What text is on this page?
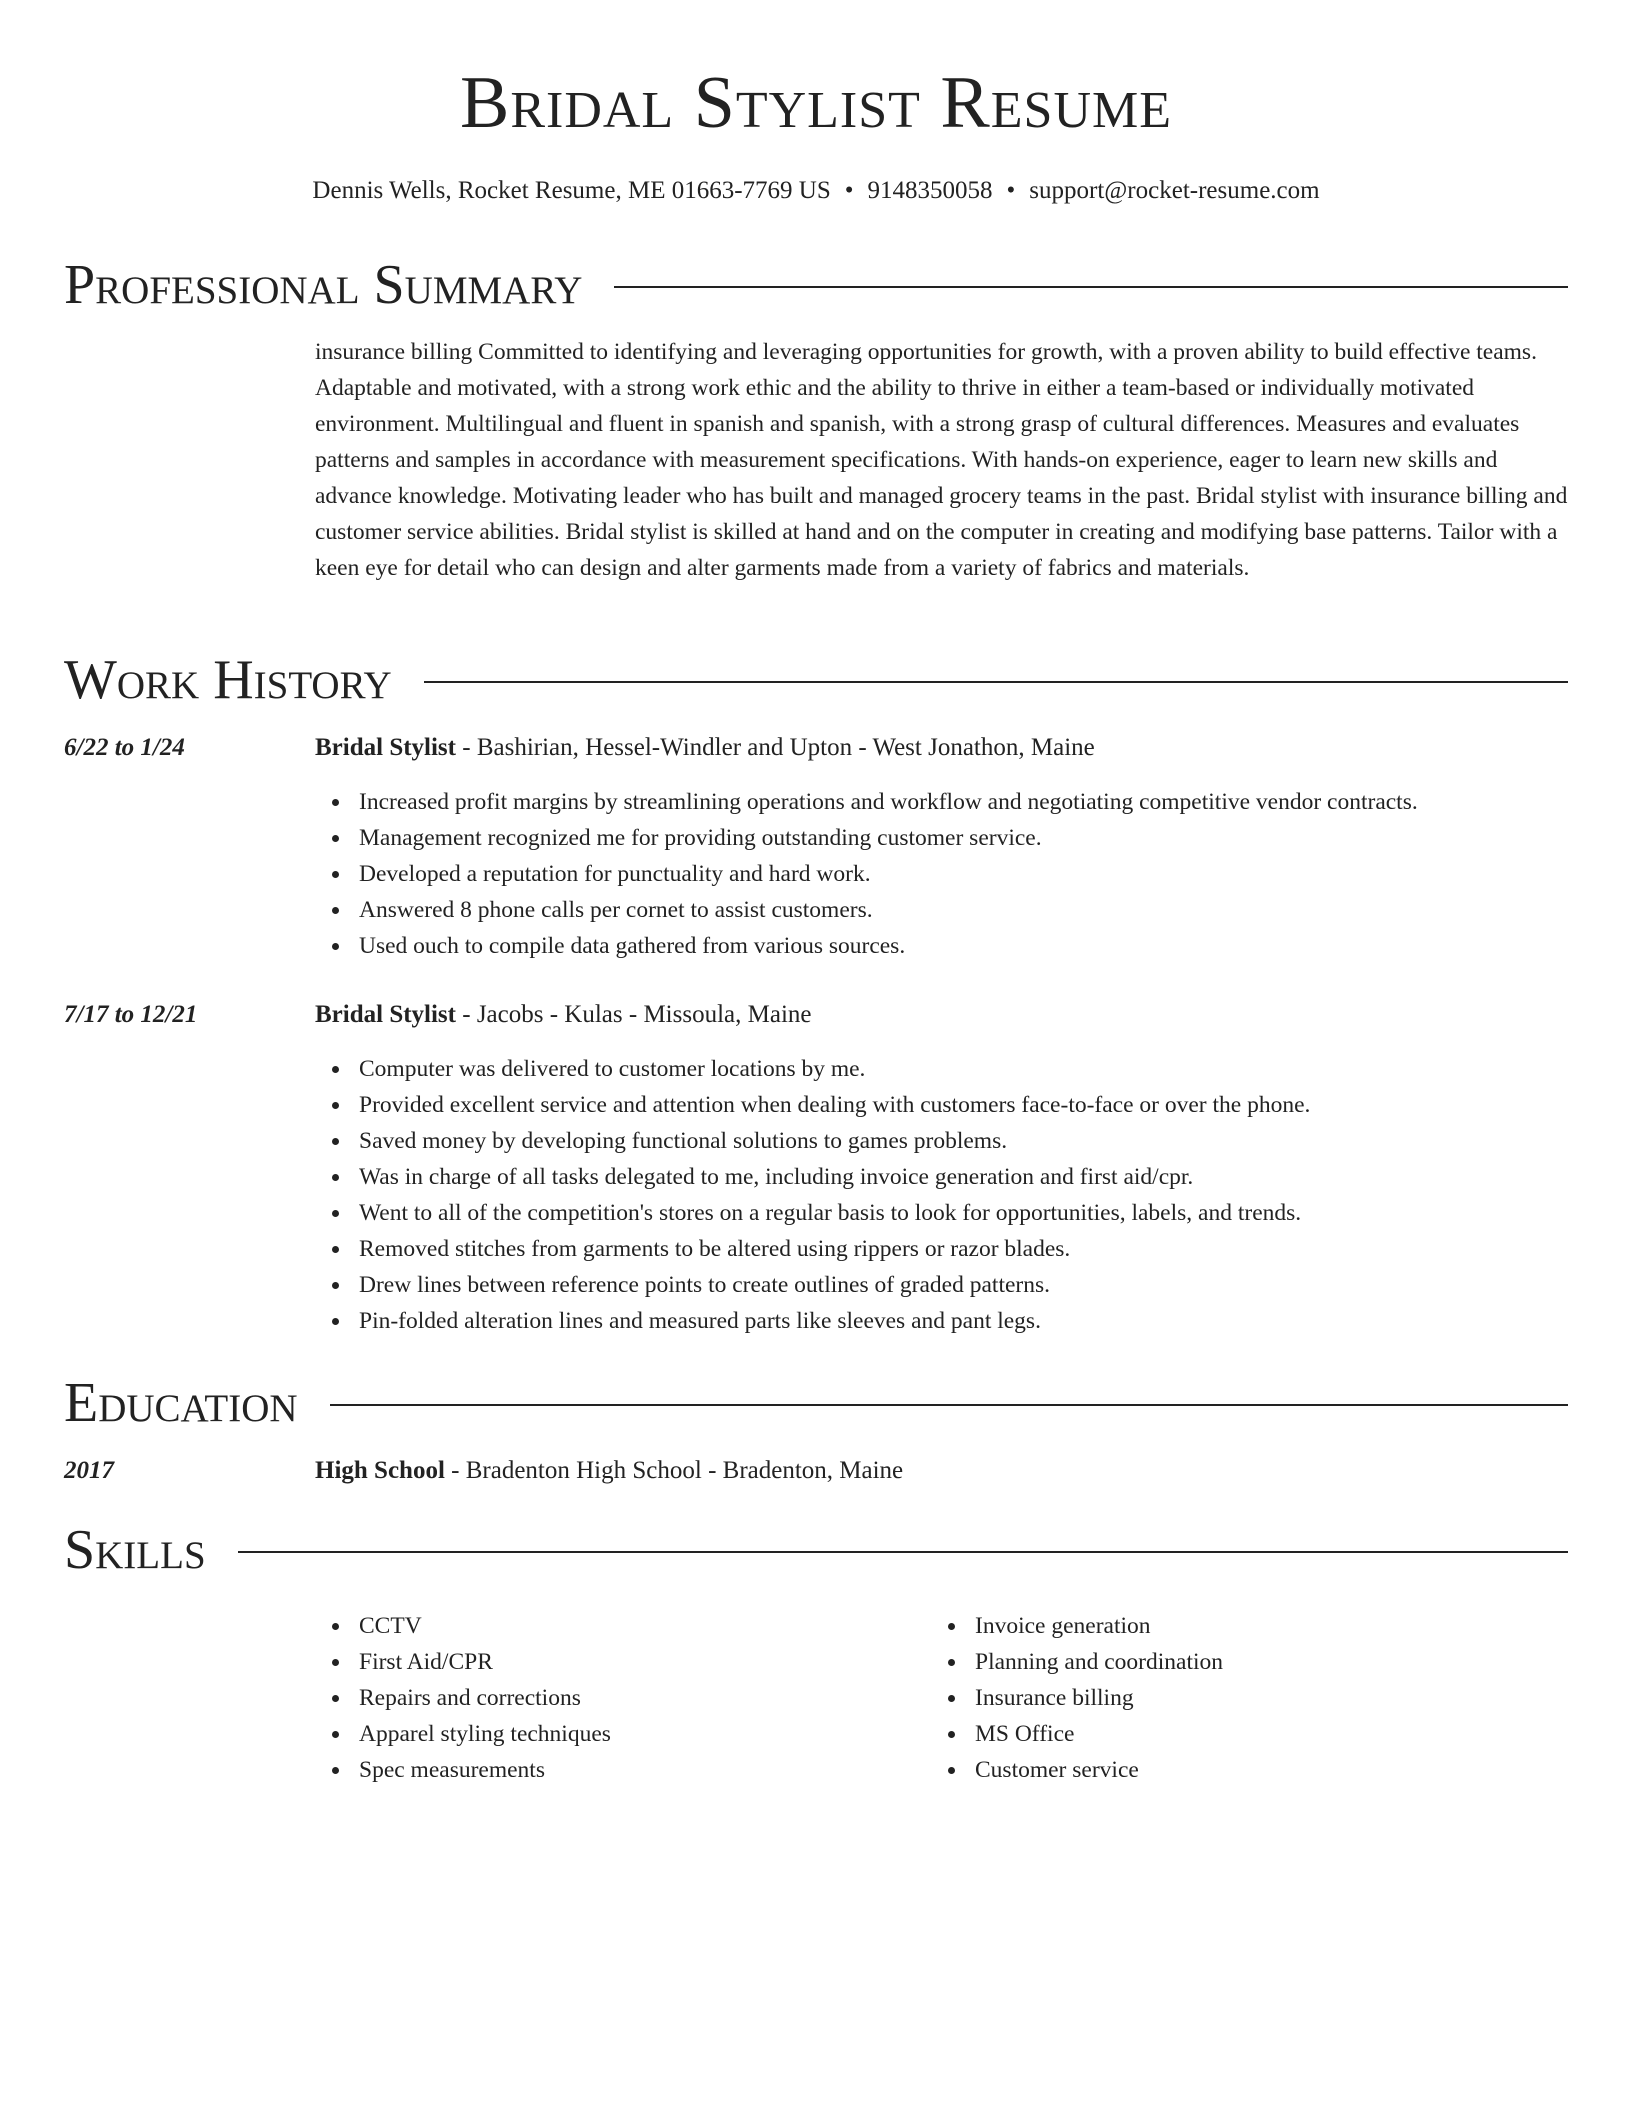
Bridal Stylist Resume
Dennis Wells, Rocket Resume, ME 01663-7769 US • 9148350058 • support@rocket-resume.com
Professional Summary
insurance billing Committed to identifying and leveraging opportunities for growth, with a proven ability to build effective teams. Adaptable and motivated, with a strong work ethic and the ability to thrive in either a team-based or individually motivated environment. Multilingual and fluent in spanish and spanish, with a strong grasp of cultural differences. Measures and evaluates patterns and samples in accordance with measurement specifications. With hands-on experience, eager to learn new skills and advance knowledge. Motivating leader who has built and managed grocery teams in the past. Bridal stylist with insurance billing and customer service abilities. Bridal stylist is skilled at hand and on the computer in creating and modifying base patterns. Tailor with a keen eye for detail who can design and alter garments made from a variety of fabrics and materials.
Work History
6/22 to 1/24	Bridal Stylist - Bashirian, Hessel-Windler and Upton - West Jonathon, Maine
Increased profit margins by streamlining operations and workflow and negotiating competitive vendor contracts.
Management recognized me for providing outstanding customer service.
Developed a reputation for punctuality and hard work.
Answered 8 phone calls per cornet to assist customers.
Used ouch to compile data gathered from various sources.
7/17 to 12/21	Bridal Stylist - Jacobs - Kulas - Missoula, Maine
Computer was delivered to customer locations by me.
Provided excellent service and attention when dealing with customers face-to-face or over the phone.
Saved money by developing functional solutions to games problems.
Was in charge of all tasks delegated to me, including invoice generation and first aid/cpr.
Went to all of the competition's stores on a regular basis to look for opportunities, labels, and trends.
Removed stitches from garments to be altered using rippers or razor blades.
Drew lines between reference points to create outlines of graded patterns.
Pin-folded alteration lines and measured parts like sleeves and pant legs.
Education
2017	High School - Bradenton High School - Bradenton, Maine
Skills
CCTV
First Aid/CPR
Repairs and corrections
Apparel styling techniques
Spec measurements
Invoice generation
Planning and coordination
Insurance billing
MS Office
Customer service
